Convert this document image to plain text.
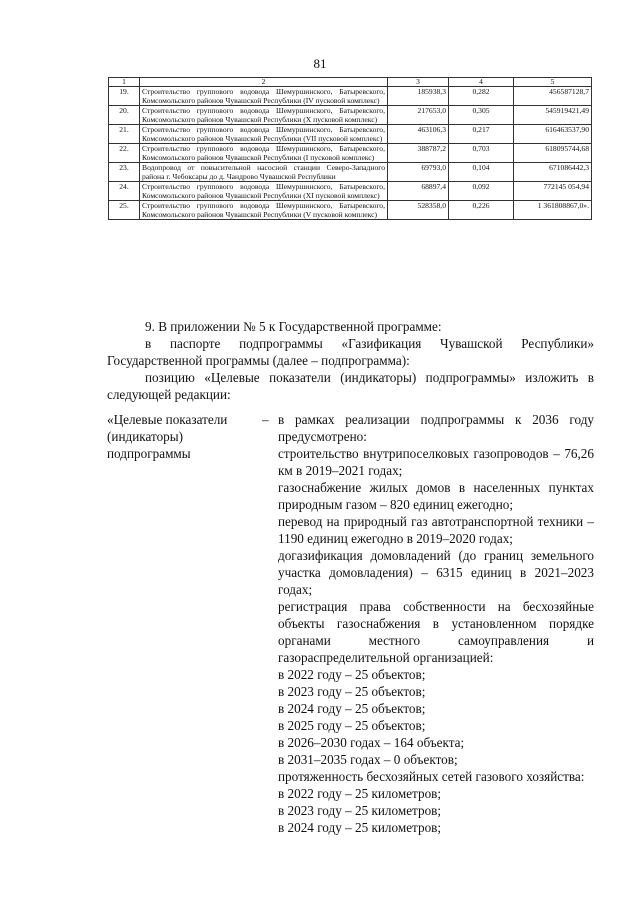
81
1	2	3	4	5
19.	Строительство группового водовода Шемуршинского, Батыревского, Комсомольского районов Чувашской Республики (IV пусковой комплекс)	185938,3	0,282	456587128,7
20.	Строительство группового водовода Шемуршинского, Батыревского, Комсомольского районов Чувашской Республики (X пусковой комплекс)	217653,0	0,305	545919421,49
21.	Строительство группового водовода Шемуршинского, Батыревского, Комсомольского районов Чувашской Республики (VII пусковой комплекс)	463106,3	0,217	616463537,90
22.	Строительство группового водовода Шемуршинского, Батыревского, Комсомольского районов Чувашской Республики (I пусковой комплекс)	388787,2	0,703	618095744,68
23.	Водопровод от повысительной насосной станции Северо-Западного района г. Чебоксары до д. Чандрово Чувашской Республики	69793,0	0,104	671086442,3
24.	Строительство группового водовода Шемуршинского, Батыревского, Комсомольского районов Чувашской Республики (XI пусковой комплекс)	68897,4	0,092	772145 054,94
25.	Строительство группового водовода Шемуршинского, Батыревского, Комсомольского районов Чувашской Республики (V пусковой комплекс)	528358,0	0,226	1 361808867,0».
9. В приложении № 5 к Государственной программе:
в паспорте подпрограммы «Газификация Чувашской Республики» Государственной программы (далее – подпрограмма):
позицию «Целевые показатели (индикаторы) подпрограммы» изложить в следующей редакции:
«Целевые показатели (индикаторы) подпрограммы
– в рамках реализации подпрограммы к 2036 году предусмотрено:
строительство внутрипоселковых газопроводов – 76,26 км в 2019–2021 годах;
газоснабжение жилых домов в населенных пунктах природным газом – 820 единиц ежегодно;
перевод на природный газ автотранспортной техники – 1190 единиц ежегодно в 2019–2020 годах;
догазификация домовладений (до границ земельного участка домовладения) – 6315 единиц в 2021–2023 годах;
регистрация права собственности на бесхозяйные объекты газоснабжения в установленном порядке органами местного самоуправления и газораспределительной организацией:
в 2022 году – 25 объектов;
в 2023 году – 25 объектов;
в 2024 году – 25 объектов;
в 2025 году – 25 объектов;
в 2026–2030 годах – 164 объекта;
в 2031–2035 годах – 0 объектов;
протяженность бесхозяйных сетей газового хозяйства:
в 2022 году – 25 километров;
в 2023 году – 25 километров;
в 2024 году – 25 километров;
